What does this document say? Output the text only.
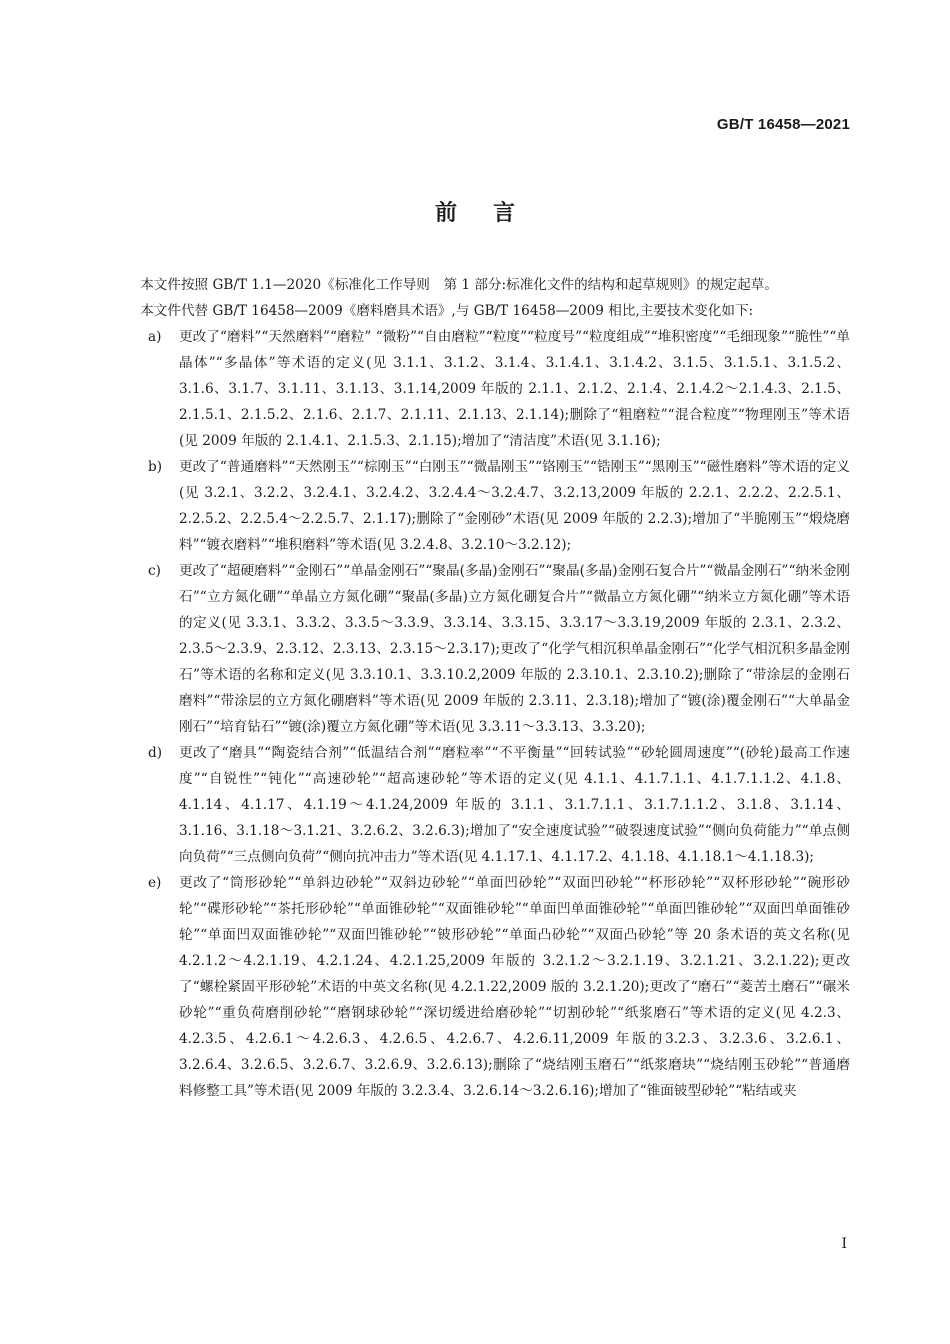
GB/T 16458—2021
前言

本文件按照 GB/T 1.1—2020《标准化工作导则　第 1 部分:标准化文件的结构和起草规则》的规定起草。

本文件代替 GB/T 16458—2009《磨料磨具术语》,与 GB/T 16458—2009 相比,主要技术变化如下:

a) 更改了“磨料”“天然磨料”“磨粒” “微粉”“自由磨粒”“粒度”“粒度号”“粒度组成”“堆积密度”“毛细现象”“脆性”“单晶体”“多晶体”等术语的定义(见 3.1.1、3.1.2、3.1.4、3.1.4.1、3.1.4.2、3.1.5、3.1.5.1、3.1.5.2、3.1.6、3.1.7、3.1.11、3.1.13、3.1.14,2009 年版的 2.1.1、2.1.2、2.1.4、2.1.4.2～2.1.4.3、2.1.5、2.1.5.1、2.1.5.2、2.1.6、2.1.7、2.1.11、2.1.13、2.1.14);删除了“粗磨粒”“混合粒度”“物理刚玉”等术语(见 2009 年版的 2.1.4.1、2.1.5.3、2.1.15);增加了“清洁度”术语(见 3.1.16);
b) 更改了“普通磨料”“天然刚玉”“棕刚玉”“白刚玉”“微晶刚玉”“铬刚玉”“锆刚玉”“黑刚玉”“磁性磨料”等术语的定义(见 3.2.1、3.2.2、3.2.4.1、3.2.4.2、3.2.4.4～3.2.4.7、3.2.13,2009 年版的 2.2.1、2.2.2、2.2.5.1、2.2.5.2、2.2.5.4～2.2.5.7、2.1.17);删除了“金刚砂”术语(见 2009 年版的 2.2.3);增加了“半脆刚玉”“煅烧磨料”“镀衣磨料”“堆积磨料”等术语(见 3.2.4.8、3.2.10～3.2.12);
c) 更改了“超硬磨料”“金刚石”“单晶金刚石”“聚晶(多晶)金刚石”“聚晶(多晶)金刚石复合片”“微晶金刚石”“纳米金刚石”“立方氮化硼”“单晶立方氮化硼”“聚晶(多晶)立方氮化硼复合片”“微晶立方氮化硼”“纳米立方氮化硼”等术语的定义(见 3.3.1、3.3.2、3.3.5～3.3.9、3.3.14、3.3.15、3.3.17～3.3.19,2009 年版的 2.3.1、2.3.2、2.3.5～2.3.9、2.3.12、2.3.13、2.3.15～2.3.17);更改了“化学气相沉积单晶金刚石”“化学气相沉积多晶金刚石”等术语的名称和定义(见 3.3.10.1、3.3.10.2,2009 年版的 2.3.10.1、2.3.10.2);删除了“带涂层的金刚石磨料”“带涂层的立方氮化硼磨料”等术语(见 2009 年版的 2.3.11、2.3.18);增加了“镀(涂)覆金刚石”“大单晶金刚石”“培育钻石”“镀(涂)覆立方氮化硼”等术语(见 3.3.11～3.3.13、3.3.20);
d) 更改了“磨具”“陶瓷结合剂”“低温结合剂”“磨粒率”“不平衡量”“回转试验”“砂轮圆周速度”“(砂轮)最高工作速度”“自锐性”“钝化”“高速砂轮”“超高速砂轮”等术语的定义(见 4.1.1、4.1.7.1.1、4.1.7.1.1.2、4.1.8、4.1.14、4.1.17、4.1.19～4.1.24,2009 年版的 3.1.1、3.1.7.1.1、3.1.7.1.1.2、3.1.8、3.1.14、3.1.16、3.1.18～3.1.21、3.2.6.2、3.2.6.3);增加了“安全速度试验”“破裂速度试验”“侧向负荷能力”“单点侧向负荷”“三点侧向负荷”“侧向抗冲击力”等术语(见 4.1.17.1、4.1.17.2、4.1.18、4.1.18.1～4.1.18.3);
e) 更改了“筒形砂轮”“单斜边砂轮”“双斜边砂轮”“单面凹砂轮”“双面凹砂轮”“杯形砂轮”“双杯形砂轮”“碗形砂轮”“碟形砂轮”“茶托形砂轮”“单面锥砂轮”“双面锥砂轮”“单面凹单面锥砂轮”“单面凹锥砂轮”“双面凹单面锥砂轮”“单面凹双面锥砂轮”“双面凹锥砂轮”“铍形砂轮”“单面凸砂轮”“双面凸砂轮”等 20 条术语的英文名称(见 4.2.1.2～4.2.1.19、4.2.1.24、4.2.1.25,2009 年版的 3.2.1.2～3.2.1.19、3.2.1.21、3.2.1.22);更改了“螺栓紧固平形砂轮”术语的中英文名称(见 4.2.1.22,2009 版的 3.2.1.20);更改了“磨石”“菱苦土磨石”“碾米砂轮”“重负荷磨削砂轮”“磨钢球砂轮”“深切缓进给磨砂轮”“切割砂轮”“纸浆磨石”等术语的定义(见 4.2.3、4.2.3.5、4.2.6.1～4.2.6.3、4.2.6.5、4.2.6.7、4.2.6.11,2009 年版的3.2.3、3.2.3.6、3.2.6.1、3.2.6.4、3.2.6.5、3.2.6.7、3.2.6.9、3.2.6.13);删除了“烧结刚玉磨石”“纸浆磨块”“烧结刚玉砂轮”“普通磨料修整工具”等术语(见 2009 年版的 3.2.3.4、3.2.6.14～3.2.6.16);增加了“锥面铍型砂轮”“粘结或夹
I
